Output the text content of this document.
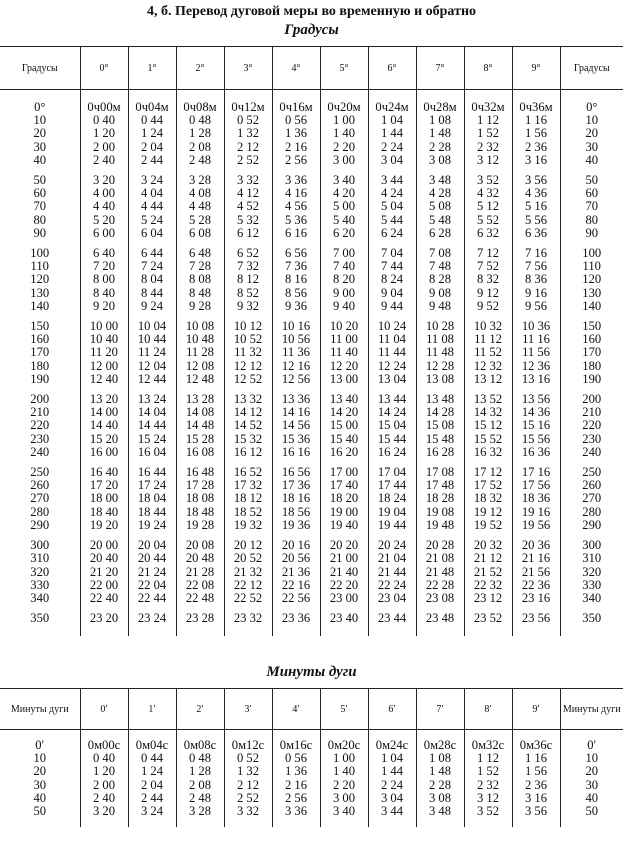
4, б. Перевод дуговой меры во временную и обратно
Градусы
Градусы	0°	1°	2°	3°	4°	5°	6°	7°	8°	9°	Градусы

0°	0ч00м	0ч04м	0ч08м	0ч12м	0ч16м	0ч20м	0ч24м	0ч28м	0ч32м	0ч36м	0°
10	0 40	0 44	0 48	0 52	0 56	1 00	1 04	1 08	1 12	1 16	10
20	1 20	1 24	1 28	1 32	1 36	1 40	1 44	1 48	1 52	1 56	20
30	2 00	2 04	2 08	2 12	2 16	2 20	2 24	2 28	2 32	2 36	30
40	2 40	2 44	2 48	2 52	2 56	3 00	3 04	3 08	3 12	3 16	40

50	3 20	3 24	3 28	3 32	3 36	3 40	3 44	3 48	3 52	3 56	50
60	4 00	4 04	4 08	4 12	4 16	4 20	4 24	4 28	4 32	4 36	60
70	4 40	4 44	4 48	4 52	4 56	5 00	5 04	5 08	5 12	5 16	70
80	5 20	5 24	5 28	5 32	5 36	5 40	5 44	5 48	5 52	5 56	80
90	6 00	6 04	6 08	6 12	6 16	6 20	6 24	6 28	6 32	6 36	90

100	6 40	6 44	6 48	6 52	6 56	7 00	7 04	7 08	7 12	7 16	100
110	7 20	7 24	7 28	7 32	7 36	7 40	7 44	7 48	7 52	7 56	110
120	8 00	8 04	8 08	8 12	8 16	8 20	8 24	8 28	8 32	8 36	120
130	8 40	8 44	8 48	8 52	8 56	9 00	9 04	9 08	9 12	9 16	130
140	9 20	9 24	9 28	9 32	9 36	9 40	9 44	9 48	9 52	9 56	140

150	10 00	10 04	10 08	10 12	10 16	10 20	10 24	10 28	10 32	10 36	150
160	10 40	10 44	10 48	10 52	10 56	11 00	11 04	11 08	11 12	11 16	160
170	11 20	11 24	11 28	11 32	11 36	11 40	11 44	11 48	11 52	11 56	170
180	12 00	12 04	12 08	12 12	12 16	12 20	12 24	12 28	12 32	12 36	180
190	12 40	12 44	12 48	12 52	12 56	13 00	13 04	13 08	13 12	13 16	190

200	13 20	13 24	13 28	13 32	13 36	13 40	13 44	13 48	13 52	13 56	200
210	14 00	14 04	14 08	14 12	14 16	14 20	14 24	14 28	14 32	14 36	210
220	14 40	14 44	14 48	14 52	14 56	15 00	15 04	15 08	15 12	15 16	220
230	15 20	15 24	15 28	15 32	15 36	15 40	15 44	15 48	15 52	15 56	230
240	16 00	16 04	16 08	16 12	16 16	16 20	16 24	16 28	16 32	16 36	240

250	16 40	16 44	16 48	16 52	16 56	17 00	17 04	17 08	17 12	17 16	250
260	17 20	17 24	17 28	17 32	17 36	17 40	17 44	17 48	17 52	17 56	260
270	18 00	18 04	18 08	18 12	18 16	18 20	18 24	18 28	18 32	18 36	270
280	18 40	18 44	18 48	18 52	18 56	19 00	19 04	19 08	19 12	19 16	280
290	19 20	19 24	19 28	19 32	19 36	19 40	19 44	19 48	19 52	19 56	290

300	20 00	20 04	20 08	20 12	20 16	20 20	20 24	20 28	20 32	20 36	300
310	20 40	20 44	20 48	20 52	20 56	21 00	21 04	21 08	21 12	21 16	310
320	21 20	21 24	21 28	21 32	21 36	21 40	21 44	21 48	21 52	21 56	320
330	22 00	22 04	22 08	22 12	22 16	22 20	22 24	22 28	22 32	22 36	330
340	22 40	22 44	22 48	22 52	22 56	23 00	23 04	23 08	23 12	23 16	340

350	23 20	23 24	23 28	23 32	23 36	23 40	23 44	23 48	23 52	23 56	350

Минуты дуги
Минуты дуги	0′	1′	2′	3′	4′	5′	6′	7′	8′	9′	Минуты дуги

0′	0м00с	0м04с	0м08с	0м12с	0м16с	0м20с	0м24с	0м28с	0м32с	0м36с	0′
10	0 40	0 44	0 48	0 52	0 56	1 00	1 04	1 08	1 12	1 16	10
20	1 20	1 24	1 28	1 32	1 36	1 40	1 44	1 48	1 52	1 56	20
30	2 00	2 04	2 08	2 12	2 16	2 20	2 24	2 28	2 32	2 36	30
40	2 40	2 44	2 48	2 52	2 56	3 00	3 04	3 08	3 12	3 16	40
50	3 20	3 24	3 28	3 32	3 36	3 40	3 44	3 48	3 52	3 56	50
